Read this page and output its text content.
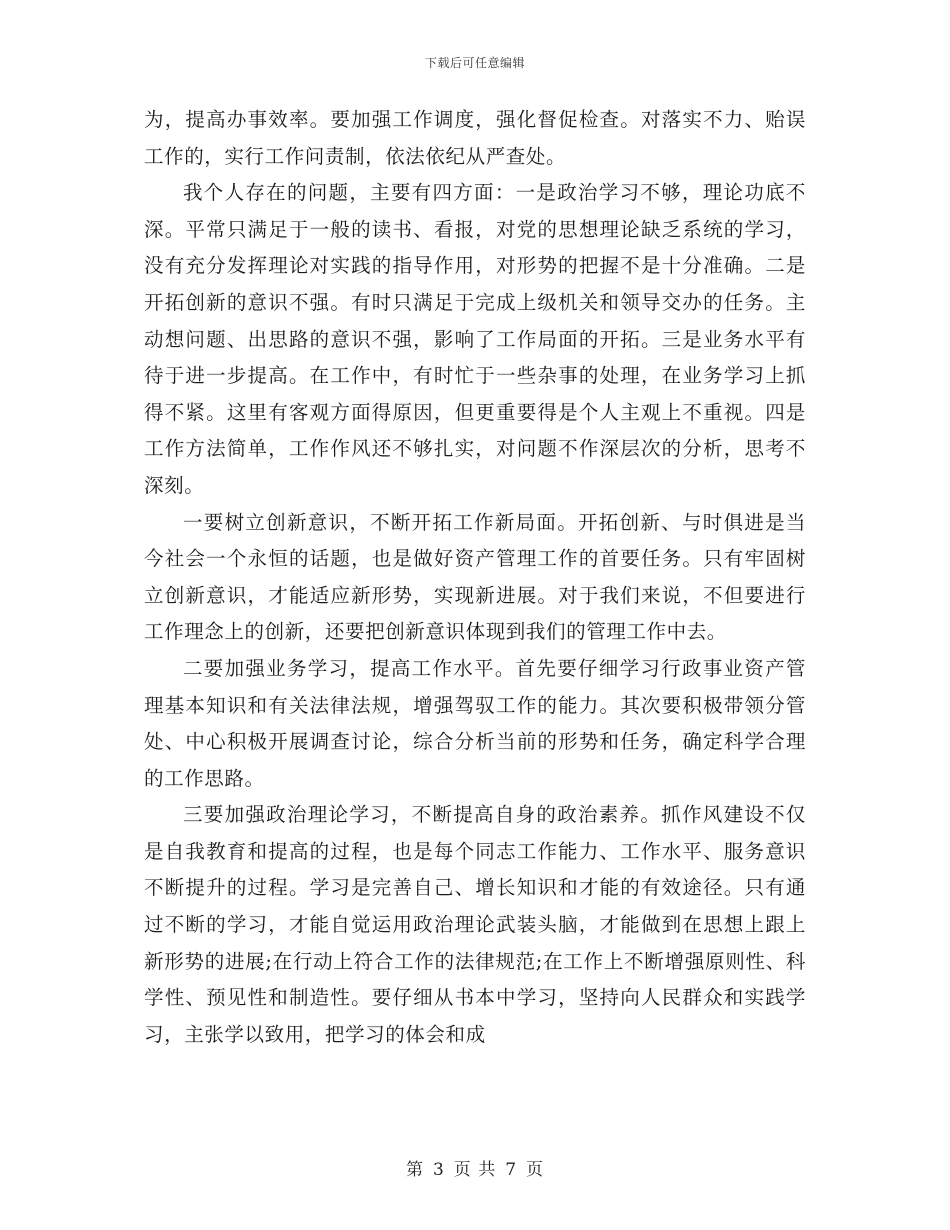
下载后可任意编辑

为，提高办事效率。要加强工作调度，强化督促检查。对落实不力、贻误工作的，实行工作问责制，依法依纪从严查处。

我个人存在的问题，主要有四方面：一是政治学习不够，理论功底不深。平常只满足于一般的读书、看报，对党的思想理论缺乏系统的学习，没有充分发挥理论对实践的指导作用，对形势的把握不是十分准确。二是开拓创新的意识不强。有时只满足于完成上级机关和领导交办的任务。主动想问题、出思路的意识不强，影响了工作局面的开拓。三是业务水平有待于进一步提高。在工作中，有时忙于一些杂事的处理，在业务学习上抓得不紧。这里有客观方面得原因，但更重要得是个人主观上不重视。四是工作方法简单，工作作风还不够扎实，对问题不作深层次的分析，思考不深刻。

一要树立创新意识，不断开拓工作新局面。开拓创新、与时俱进是当今社会一个永恒的话题，也是做好资产管理工作的首要任务。只有牢固树立创新意识，才能适应新形势，实现新进展。对于我们来说，不但要进行工作理念上的创新，还要把创新意识体现到我们的管理工作中去。

二要加强业务学习，提高工作水平。首先要仔细学习行政事业资产管理基本知识和有关法律法规，增强驾驭工作的能力。其次要积极带领分管处、中心积极开展调查讨论，综合分析当前的形势和任务，确定科学合理的工作思路。

三要加强政治理论学习，不断提高自身的政治素养。抓作风建设不仅是自我教育和提高的过程，也是每个同志工作能力、工作水平、服务意识不断提升的过程。学习是完善自己、增长知识和才能的有效途径。只有通过不断的学习，才能自觉运用政治理论武装头脑，才能做到在思想上跟上新形势的进展;在行动上符合工作的法律规范;在工作上不断增强原则性、科学性、预见性和制造性。要仔细从书本中学习，坚持向人民群众和实践学习，主张学以致用，把学习的体会和成

第 3 页 共 7 页
